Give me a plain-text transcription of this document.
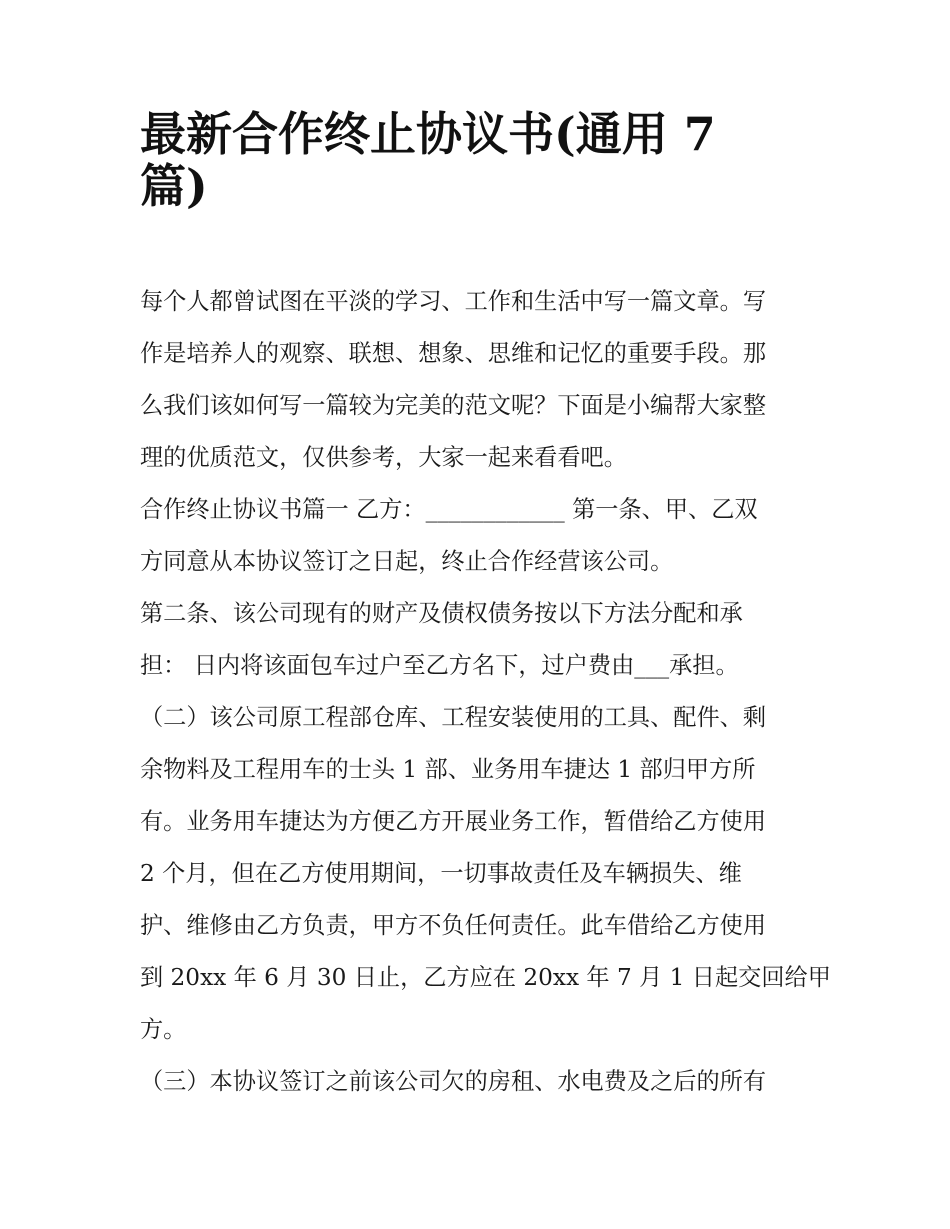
最新合作终止协议书(通用 7
篇)

每个人都曾试图在平淡的学习、工作和生活中写一篇文章。写
作是培养人的观察、联想、想象、思维和记忆的重要手段。那
么我们该如何写一篇较为完美的范文呢？下面是小编帮大家整
理的优质范文，仅供参考，大家一起来看看吧。

合作终止协议书篇一 乙方：____________ 第一条、甲、乙双
方同意从本协议签订之日起，终止合作经营该公司。

第二条、该公司现有的财产及债权债务按以下方法分配和承
担： 日内将该面包车过户至乙方名下，过户费由___承担。

（二）该公司原工程部仓库、工程安装使用的工具、配件、剩
余物料及工程用车的士头 1 部、业务用车捷达 1 部归甲方所
有。业务用车捷达为方便乙方开展业务工作，暂借给乙方使用
2 个月，但在乙方使用期间，一切事故责任及车辆损失、维
护、维修由乙方负责，甲方不负任何责任。此车借给乙方使用
到 20xx 年 6 月 30 日止，乙方应在 20xx 年 7 月 1 日起交回给甲
方。

（三）本协议签订之前该公司欠的房租、水电费及之后的所有
